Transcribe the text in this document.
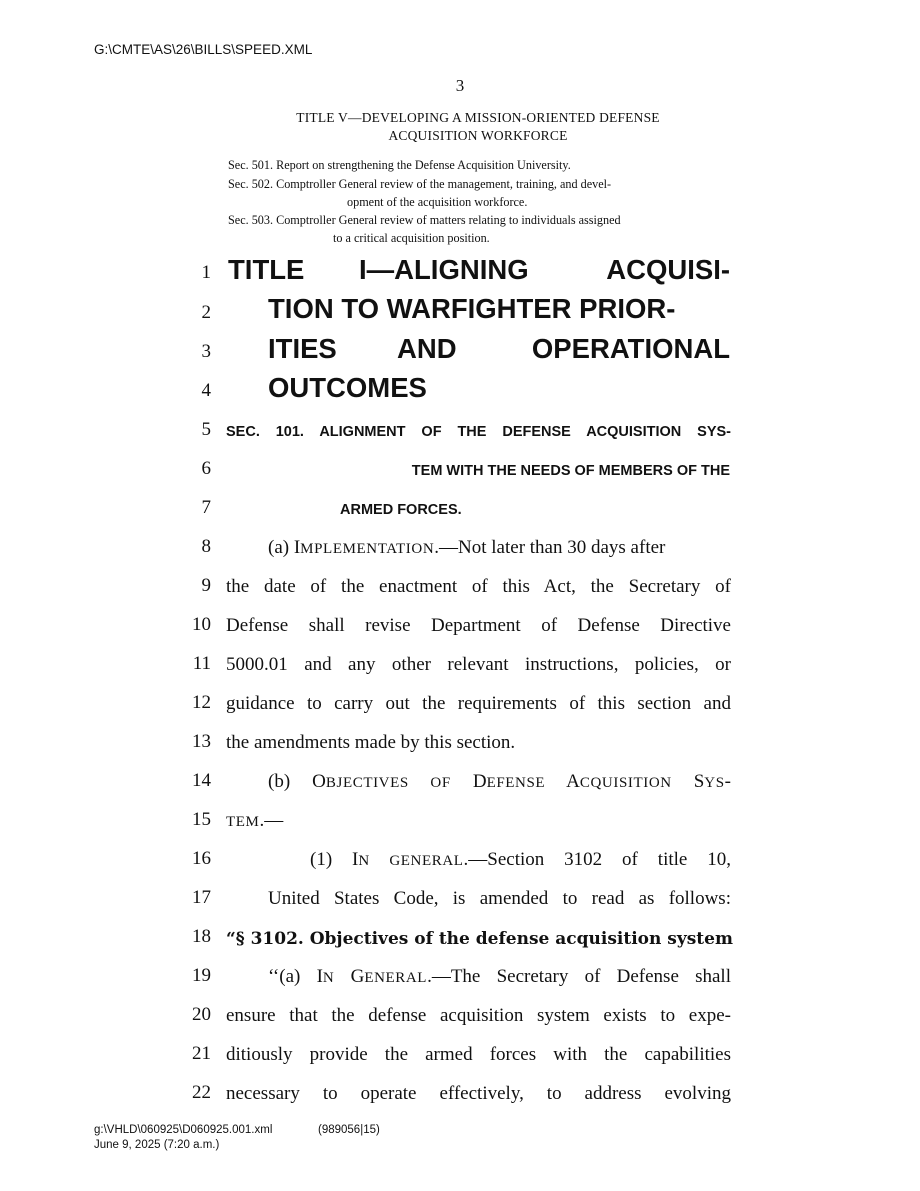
G:\CMTE\AS\26\BILLS\SPEED.XML
3
TITLE V—DEVELOPING A MISSION-ORIENTED DEFENSE
ACQUISITION WORKFORCE
Sec. 501. Report on strengthening the Defense Acquisition University.
Sec. 502. Comptroller General review of the management, training, and devel-
opment of the acquisition workforce.
Sec. 503. Comptroller General review of matters relating to individuals assigned
to a critical acquisition position.
1
2
3
4
5
6
7
8
9
10
11
12
13
14
15
16
17
18
19
20
21
22
TITLE I—ALIGNING	ACQUISI-
TION TO WARFIGHTER PRIOR-
ITIES AND	OPERATIONAL
OUTCOMES
SEC. 101. ALIGNMENT OF THE DEFENSE ACQUISITION SYS-
TEM WITH THE NEEDS OF MEMBERS OF THE
ARMED FORCES.
(a) IMPLEMENTATION.—Not later than 30 days after
the date of the enactment of this Act, the Secretary of
Defense shall revise Department of Defense Directive
5000.01 and any other relevant instructions, policies, or
guidance to carry out the requirements of this section and
the amendments made by this section.
(b) OBJECTIVES OF DEFENSE ACQUISITION SYS-
TEM.—
(1) IN GENERAL.—Section 3102 of title 10,
United States Code, is amended to read as follows:
“§ 3102. Objectives of the defense acquisition system
‘‘(a) IN GENERAL.—The Secretary of Defense shall
ensure that the defense acquisition system exists to expe-
ditiously provide the armed forces with the capabilities
necessary to operate effectively, to address evolving
g:\VHLD\060925\D060925.001.xml	(989056|15)
June 9, 2025 (7:20 a.m.)
